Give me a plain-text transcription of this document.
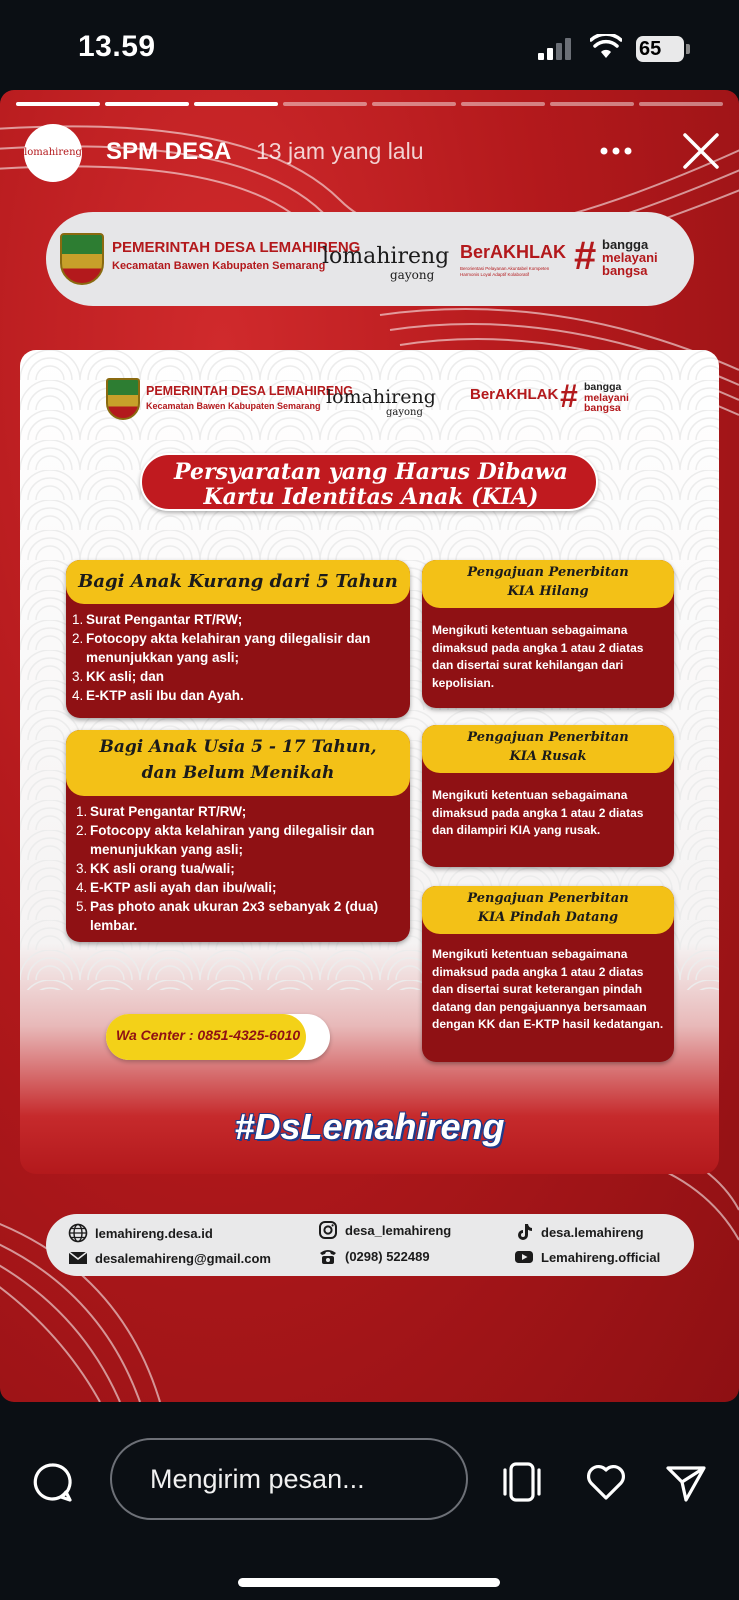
13.59	65
lomahireng SPM DESA 13 jam yang lalu
PEMERINTAH DESA LEMAHIRENG
Kecamatan Bawen Kabupaten Semarang
lomahireng
gayong
BerAKHLAK
Berorientasi Pelayanan Akuntabel Kompeten Harmonis Loyal Adaptif Kolaboratif	# bangga
melayani
bangsa
PEMERINTAH DESA LEMAHIRENG
Kecamatan Bawen Kabupaten Semarang lomahireng
gayong
BerAKHLAK # bangga
melayani
bangsa
Persyaratan yang Harus Dibawa
Kartu Identitas Anak (KIA)
Bagi Anak Kurang dari 5 Tahun
1. Surat Pengantar RT/RW;
2. Fotocopy akta kelahiran yang dilegalisir dan menunjukkan yang asli;
3. KK asli; dan
4. E-KTP asli Ibu dan Ayah.
Bagi Anak Usia 5 - 17 Tahun,
dan Belum Menikah
1. Surat Pengantar RT/RW;
2. Fotocopy akta kelahiran yang dilegalisir dan menunjukkan yang asli;
3. KK asli orang tua/wali;
4. E-KTP asli ayah dan ibu/wali;
5. Pas photo anak ukuran 2x3 sebanyak 2 (dua) lembar.
Pengajuan Penerbitan
KIA Hilang
Mengikuti ketentuan sebagaimana dimaksud pada angka 1 atau 2 diatas dan disertai surat kehilangan dari kepolisian.
Pengajuan Penerbitan
KIA Rusak
Mengikuti ketentuan sebagaimana dimaksud pada angka 1 atau 2 diatas dan dilampiri KIA yang rusak.
Pengajuan Penerbitan
KIA Pindah Datang
Mengikuti ketentuan sebagaimana dimaksud pada angka 1 atau 2 diatas dan disertai surat keterangan pindah datang dan pengajuannya bersamaan dengan KK dan E-KTP hasil kedatangan.
Wa Center : 0851-4325-6010
#DsLemahireng
lemahireng.desa.id
desalemahireng@gmail.com
desa_lemahireng
(0298) 522489
desa.lemahireng
Lemahireng.official
Mengirim pesan...
